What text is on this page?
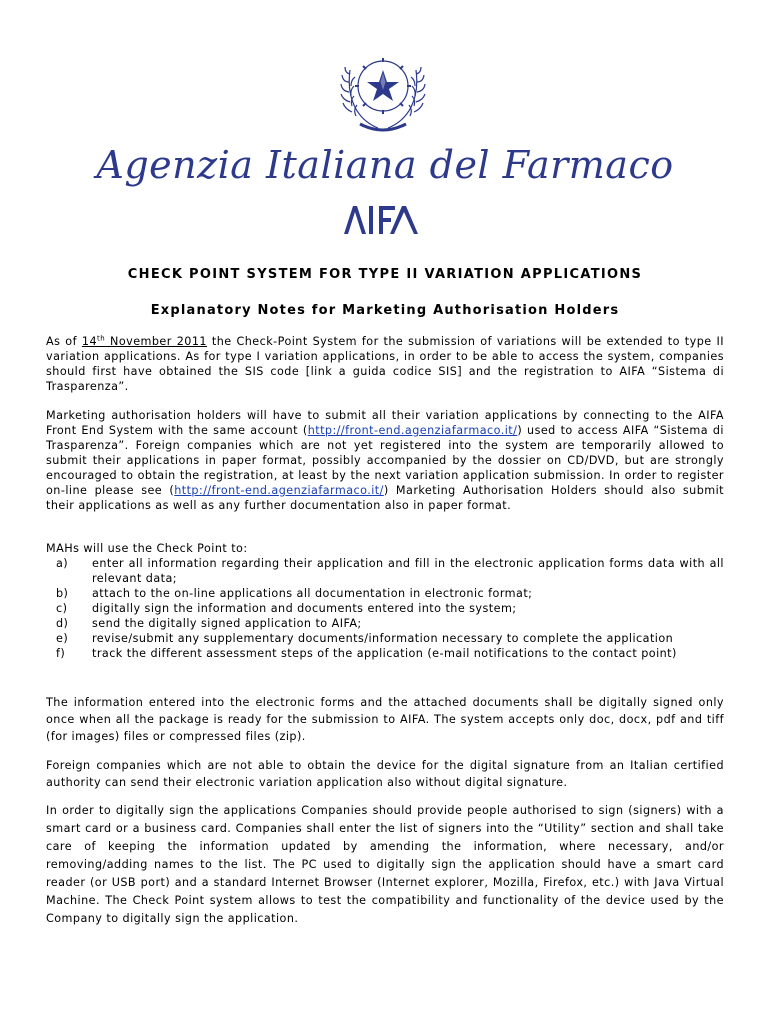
Agenzia Italiana del Farmaco
CHECK POINT SYSTEM FOR TYPE II VARIATION APPLICATIONS
Explanatory Notes for Marketing Authorisation Holders
As of 14th November 2011 the Check-Point System for the submission of variations will be extended to type II variation applications. As for type I variation applications, in order to be able to access the system, companies should first have obtained the SIS code [link a guida codice SIS] and the registration to AIFA “Sistema di Trasparenza”.
Marketing authorisation holders will have to submit all their variation applications by connecting to the AIFA Front End System with the same account (http://front-end.agenziafarmaco.it/) used to access AIFA “Sistema di Trasparenza”. Foreign companies which are not yet registered into the system are temporarily allowed to submit their applications in paper format, possibly accompanied by the dossier on CD/DVD, but are strongly encouraged to obtain the registration, at least by the next variation application submission. In order to register on-line please see (http://front-end.agenziafarmaco.it/) Marketing Authorisation Holders should also submit their applications as well as any further documentation also in paper format.
MAHs will use the Check Point to:
a) enter all information regarding their application and fill in the electronic application forms data with all relevant data;
b) attach to the on-line applications all documentation in electronic format;
c) digitally sign the information and documents entered into the system;
d) send the digitally signed application to AIFA;
e) revise/submit any supplementary documents/information necessary to complete the application
f) track the different assessment steps of the application (e-mail notifications to the contact point)
The information entered into the electronic forms and the attached documents shall be digitally signed only once when all the package is ready for the submission to AIFA. The system accepts only doc, docx, pdf and tiff (for images) files or compressed files (zip).
Foreign companies which are not able to obtain the device for the digital signature from an Italian certified authority can send their electronic variation application also without digital signature.
In order to digitally sign the applications Companies should provide people authorised to sign (signers) with a smart card or a business card. Companies shall enter the list of signers into the “Utility” section and shall take care of keeping the information updated by amending the information, where necessary, and/or removing/adding names to the list. The PC used to digitally sign the application should have a smart card reader (or USB port) and a standard Internet Browser (Internet explorer, Mozilla, Firefox, etc.) with Java Virtual Machine. The Check Point system allows to test the compatibility and functionality of the device used by the Company to digitally sign the application.
